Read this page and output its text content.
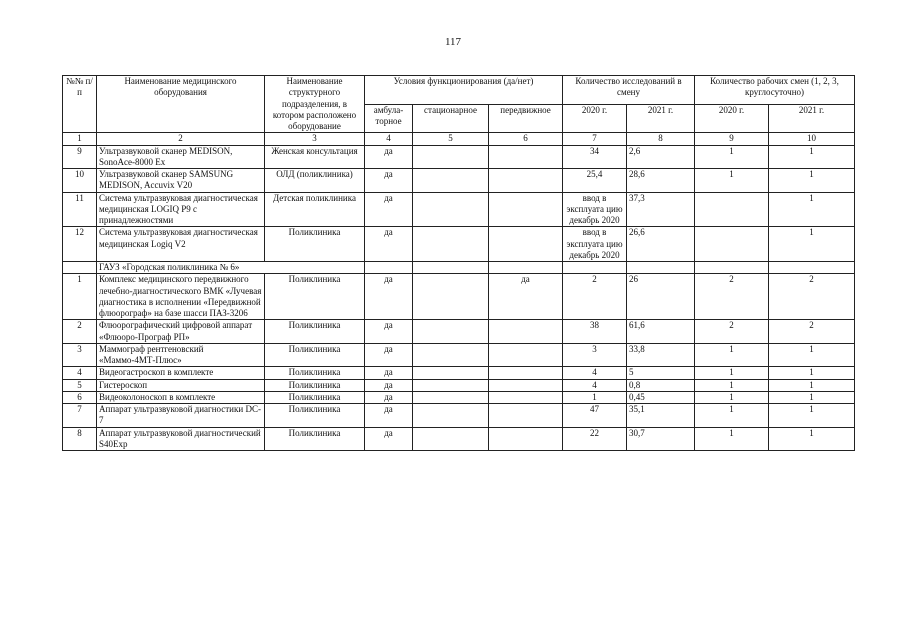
117
№№ п/п	Наименование медицинского оборудования	Наименование структурного подразделения, в котором расположено оборудование	Условия функционирования (да/нет)			Количество исследований в смену		Количество рабочих смен (1, 2, 3, круглосуточно)	
			амбула-торное	стационарное	передвижное	2020 г.	2021 г.	2020 г.	2021 г.
1	2	3	4	5	6	7	8	9	10
9	Ультразвуковой сканер MEDISON, SonoAce-8000 Ex	Женская консультация	да			34	2,6	1	1
10	Ультразвуковой сканер SAMSUNG MEDISON, Accuvix V20	ОЛД (поликлиника)	да			25,4	28,6	1	1
11	Система ультразвуковая диагностическая медицинская LOGIQ P9 с принадлежностями	Детская поликлиника	да			ввод в эксплуата цию декабрь 2020	37,3		1
12	Система ультразвуковая диагностическая медицинская Logiq V2	Поликлиника	да			ввод в эксплуата цию декабрь 2020	26,6		1
	ГАУЗ «Городская поликлиника № 6»								
1	Комплекс медицинского передвижного лечебно-диагностического ВМК «Лучевая диагностика в исполнении «Передвижной флюорограф» на базе шасси ПАЗ-3206	Поликлиника	да		да	2	26	2	2
2	Флюорографический цифровой аппарат «Флюоро-Пpoграф РП»	Поликлиника	да			38	61,6	2	2
3	Маммограф рентгеновский «Маммо-4МТ-Плюс»	Поликлиника	да			3	33,8	1	1
4	Видеогастроскоп в комплекте	Поликлиника	да			4	5	1	1
5	Гистероскоп	Поликлиника	да			4	0,8	1	1
6	Видеоколоноскоп в комплекте	Поликлиника	да			1	0,45	1	1
7	Аппарат ультразвуковой диагностики DC-7	Поликлиника	да			47	35,1	1	1
8	Аппарат ультразвуковой диагностический S40Exp	Поликлиника	да			22	30,7	1	1
